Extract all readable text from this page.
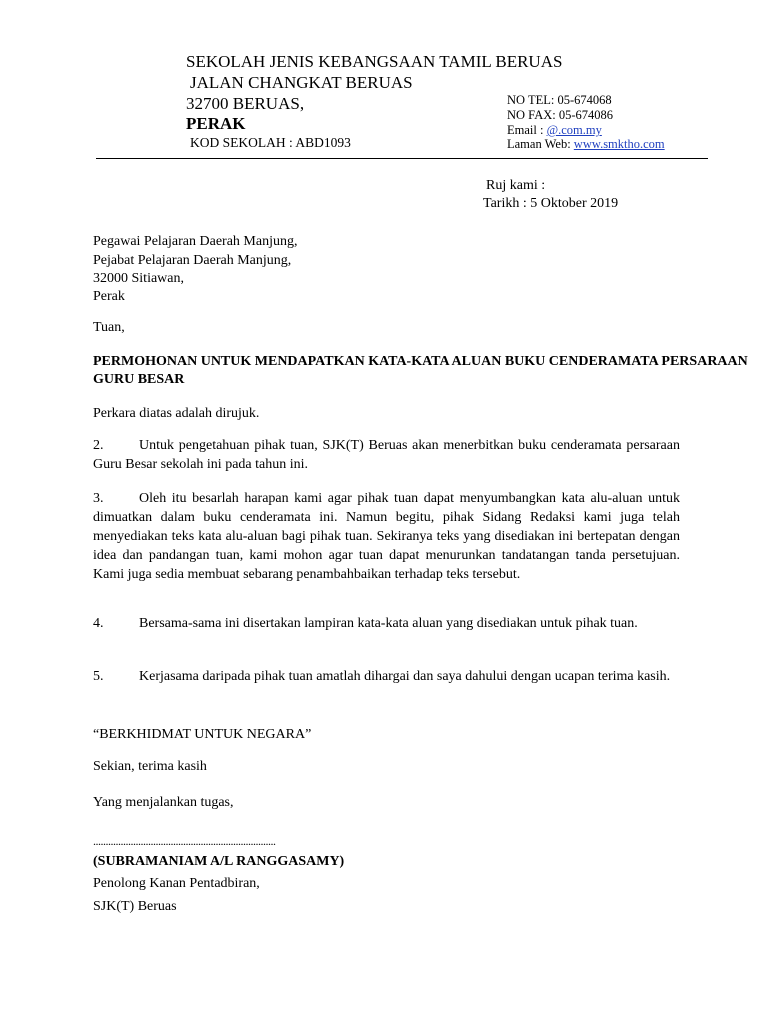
SEKOLAH JENIS KEBANGSAAN TAMIL BERUAS
JALAN CHANGKAT BERUAS
32700 BERUAS,
PERAK
KOD SEKOLAH : ABD1093
NO TEL: 05-674068
NO FAX: 05-674086
Email : @.com.my
Laman Web: www.smktho.com
Ruj kami :
Tarikh : 5 Oktober 2019
Pegawai Pelajaran Daerah Manjung,
Pejabat Pelajaran Daerah Manjung,
32000 Sitiawan,
Perak
Tuan,
PERMOHONAN UNTUK MENDAPATKAN KATA-KATA ALUAN BUKU CENDERAMATA PERSARAAN
GURU BESAR
Perkara diatas adalah dirujuk.
2.	Untuk pengetahuan pihak tuan, SJK(T) Beruas akan menerbitkan buku cenderamata persaraan Guru Besar sekolah ini pada tahun ini.
3.	Oleh itu besarlah harapan kami agar pihak tuan dapat menyumbangkan kata alu-aluan untuk dimuatkan dalam buku cenderamata ini. Namun begitu, pihak Sidang Redaksi kami juga telah menyediakan teks kata alu-aluan bagi pihak tuan. Sekiranya teks yang disediakan ini bertepatan dengan idea dan pandangan tuan, kami mohon agar tuan dapat menurunkan tandatangan tanda persetujuan. Kami juga sedia membuat sebarang penambahbaikan terhadap teks tersebut.
4.	Bersama-sama ini disertakan lampiran kata-kata aluan yang disediakan untuk pihak tuan.
5.	Kerjasama daripada pihak tuan amatlah dihargai dan saya dahului dengan ucapan terima kasih.
“BERKHIDMAT UNTUK NEGARA”
Sekian, terima kasih
Yang menjalankan tugas,
.........................................................................
(SUBRAMANIAM A/L RANGGASAMY)
Penolong Kanan Pentadbiran,
SJK(T) Beruas
